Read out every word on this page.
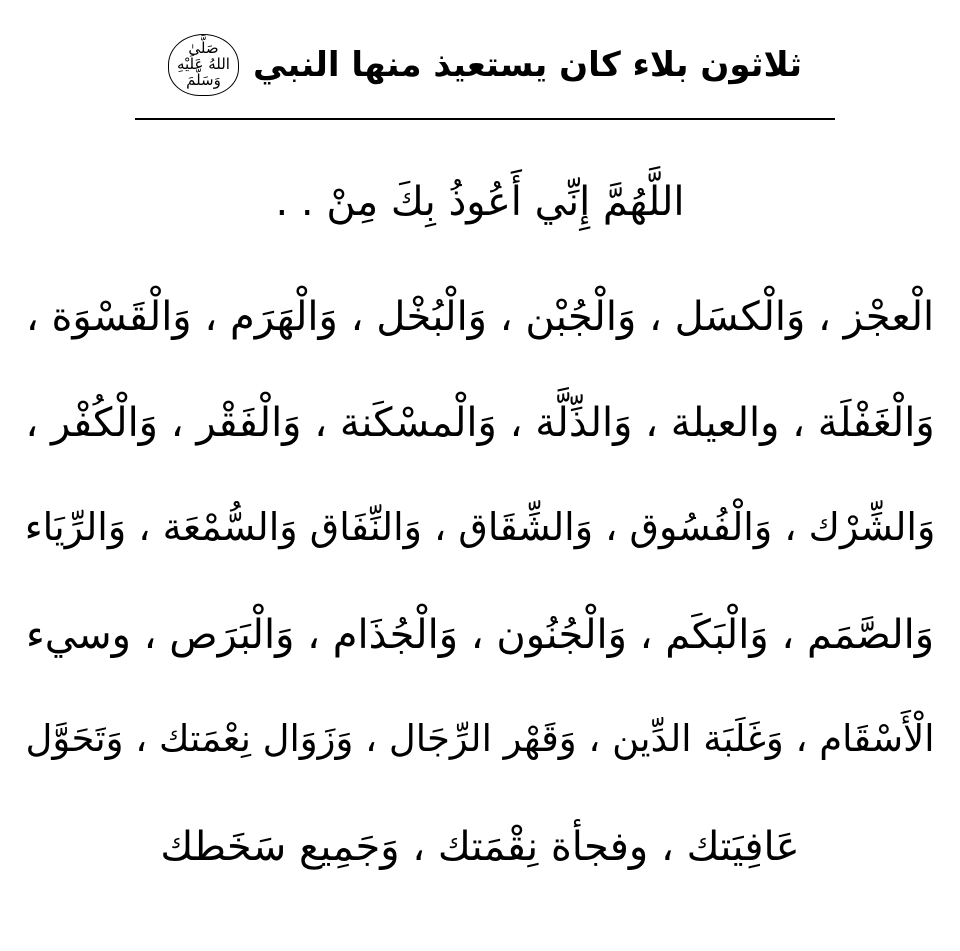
ثلاثون بلاء كان يستعيذ منها النبي
صَلَّىٰ
اللهُ عَلَيْهِ
وَسَلَّمَ
اللَّهُمَّ إِنِّي أَعُوذُ بِكَ مِنْ . .
الْعجْز ، وَالْكسَل ، وَالْجُبْن ، وَالْبُخْل ، وَالْهَرَم ، وَالْقَسْوَة ،
وَالْغَفْلَة ، والعيلة ، وَالذِّلَّة ، وَالْمسْكَنة ، وَالْفَقْر ، وَالْكُفْر ،
وَالشِّرْك ، وَالْفُسُوق ، وَالشِّقَاق ، وَالنِّفَاق وَالسُّمْعَة ، وَالرِّيَاء
وَالصَّمَم ، وَالْبَكَم ، وَالْجُنُون ، وَالْجُذَام ، وَالْبَرَص ، وسيء
الْأَسْقَام ، وَغَلَبَة الدِّين ، وَقَهْر الرِّجَال ، وَزَوَال نِعْمَتك ، وَتَحَوَّل
عَافِيَتك ، وفجأة نِقْمَتك ، وَجَمِيع سَخَطك
